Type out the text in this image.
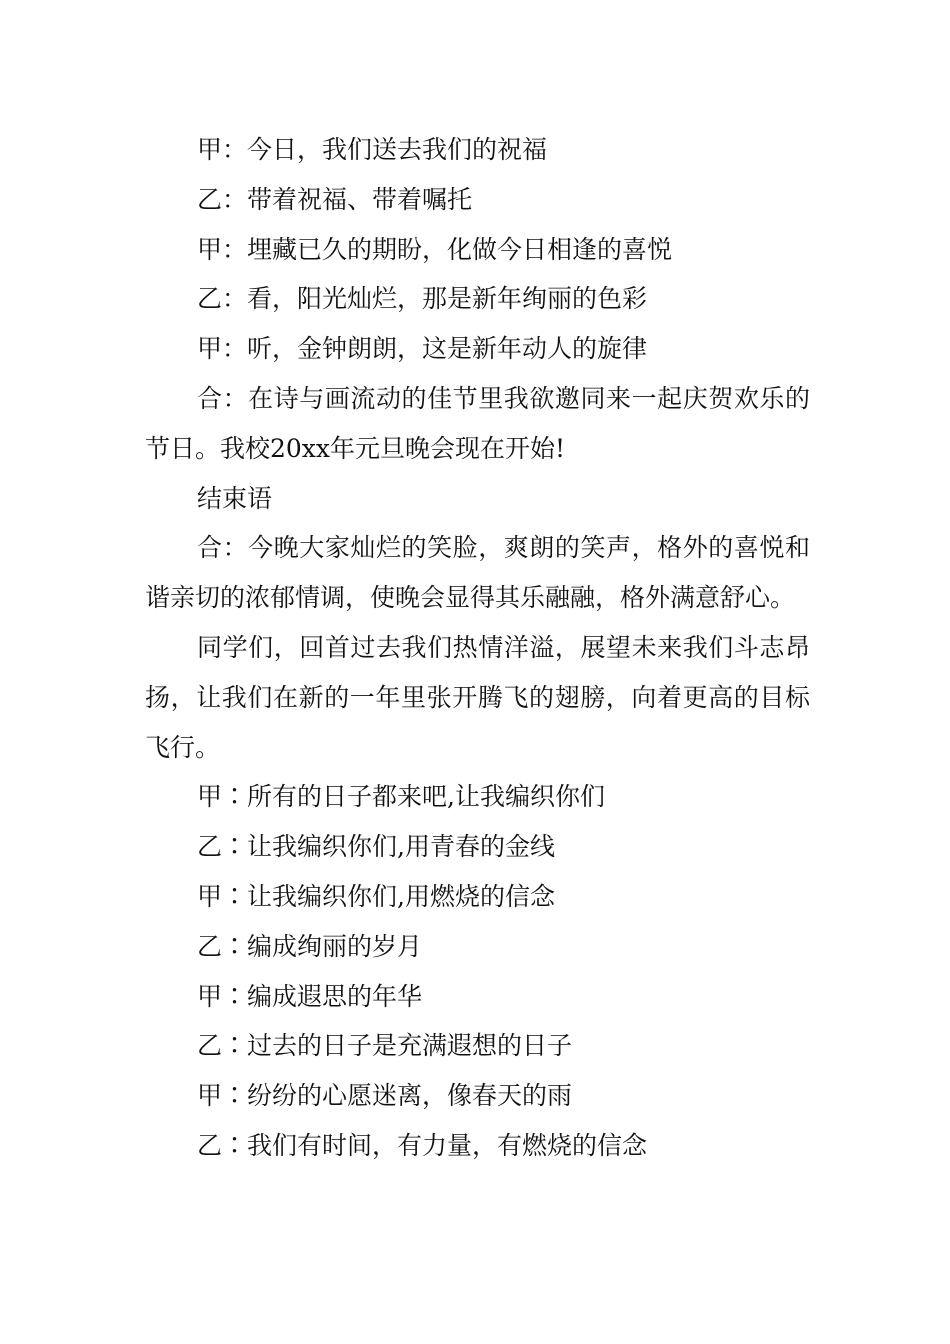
甲：今日，我们送去我们的祝福

乙：带着祝福、带着嘱托

甲：埋藏已久的期盼，化做今日相逢的喜悦

乙：看，阳光灿烂，那是新年绚丽的色彩

甲：听，金钟朗朗，这是新年动人的旋律

合：在诗与画流动的佳节里我欲邀同来一起庆贺欢乐的节日。我校20xx年元旦晚会现在开始!

结束语

合：今晚大家灿烂的笑脸，爽朗的笑声，格外的喜悦和谐亲切的浓郁情调，使晚会显得其乐融融，格外满意舒心。

同学们，回首过去我们热情洋溢，展望未来我们斗志昂扬，让我们在新的一年里张开腾飞的翅膀，向着更高的目标飞行。

甲∶所有的日子都来吧,让我编织你们

乙∶让我编织你们,用青春的金线

甲∶让我编织你们,用燃烧的信念

乙∶编成绚丽的岁月

甲∶编成遐思的年华

乙∶过去的日子是充满遐想的日子

甲∶纷纷的心愿迷离，像春天的雨

乙∶我们有时间，有力量，有燃烧的信念
